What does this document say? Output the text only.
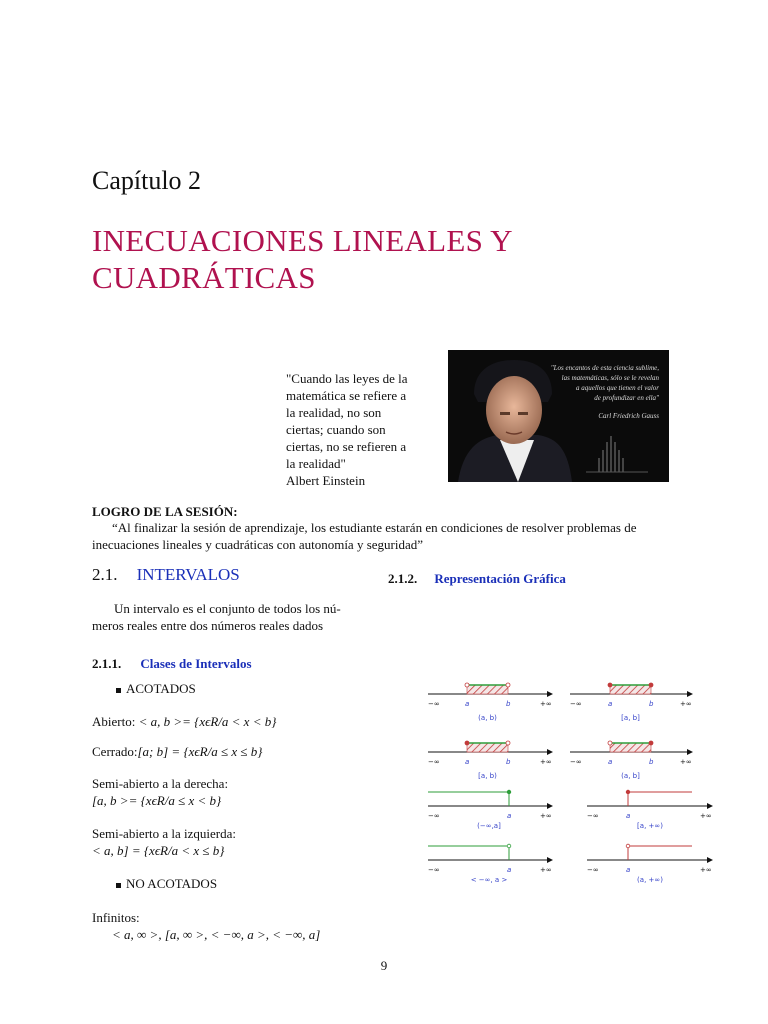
Capítulo 2
INECUACIONES LINEALES Y
CUADRÁTICAS
"Cuando las leyes de la
matemática se refiere a
la realidad, no son
ciertas; cuando son
ciertas, no se refieren a
la realidad"
Albert Einstein
"Los encantos de esta ciencia sublime,
las matemáticas, sólo se le revelan
a aquellos que tienen el valor
de profundizar en ella"
Carl Friedrich Gauss
LOGRO DE LA SESIÓN:
“Al finalizar la sesión de aprendizaje, los estudiante estarán en condiciones de resolver problemas de inecuaciones lineales y cuadráticas con autonomía y seguridad”
2.1. INTERVALOS	2.1.2. Representación Gráfica
Un intervalo es el conjunto de todos los nú-
meros reales entre dos números reales dados
2.1.1. Clases de Intervalos
ACOTADOS
Abierto: < a, b >= {xϵR/a < x < b}
Cerrado:[a; b] = {xϵR/a ≤ x ≤ b}
Semi-abierto a la derecha:
[a, b >= {xϵR/a ≤ x < b}
Semi-abierto a la izquierda:
< a, b] = {xϵR/a < x ≤ b}
NO ACOTADOS
Infinitos:
< a, ∞ >, [a, ∞ >, < −∞, a >, < −∞, a]
−∞	+∞
a	b
(a, b)
−∞	+∞
a	b
[a, b]
−∞	+∞
a	b
[a, b)
−∞	+∞
a	b
(a, b]
−∞	+∞
a
(−∞,a]
−∞	+∞
a
[a, +∞)
−∞	+∞
a
< −∞, a >
−∞	+∞
a
(a, +∞)
9
